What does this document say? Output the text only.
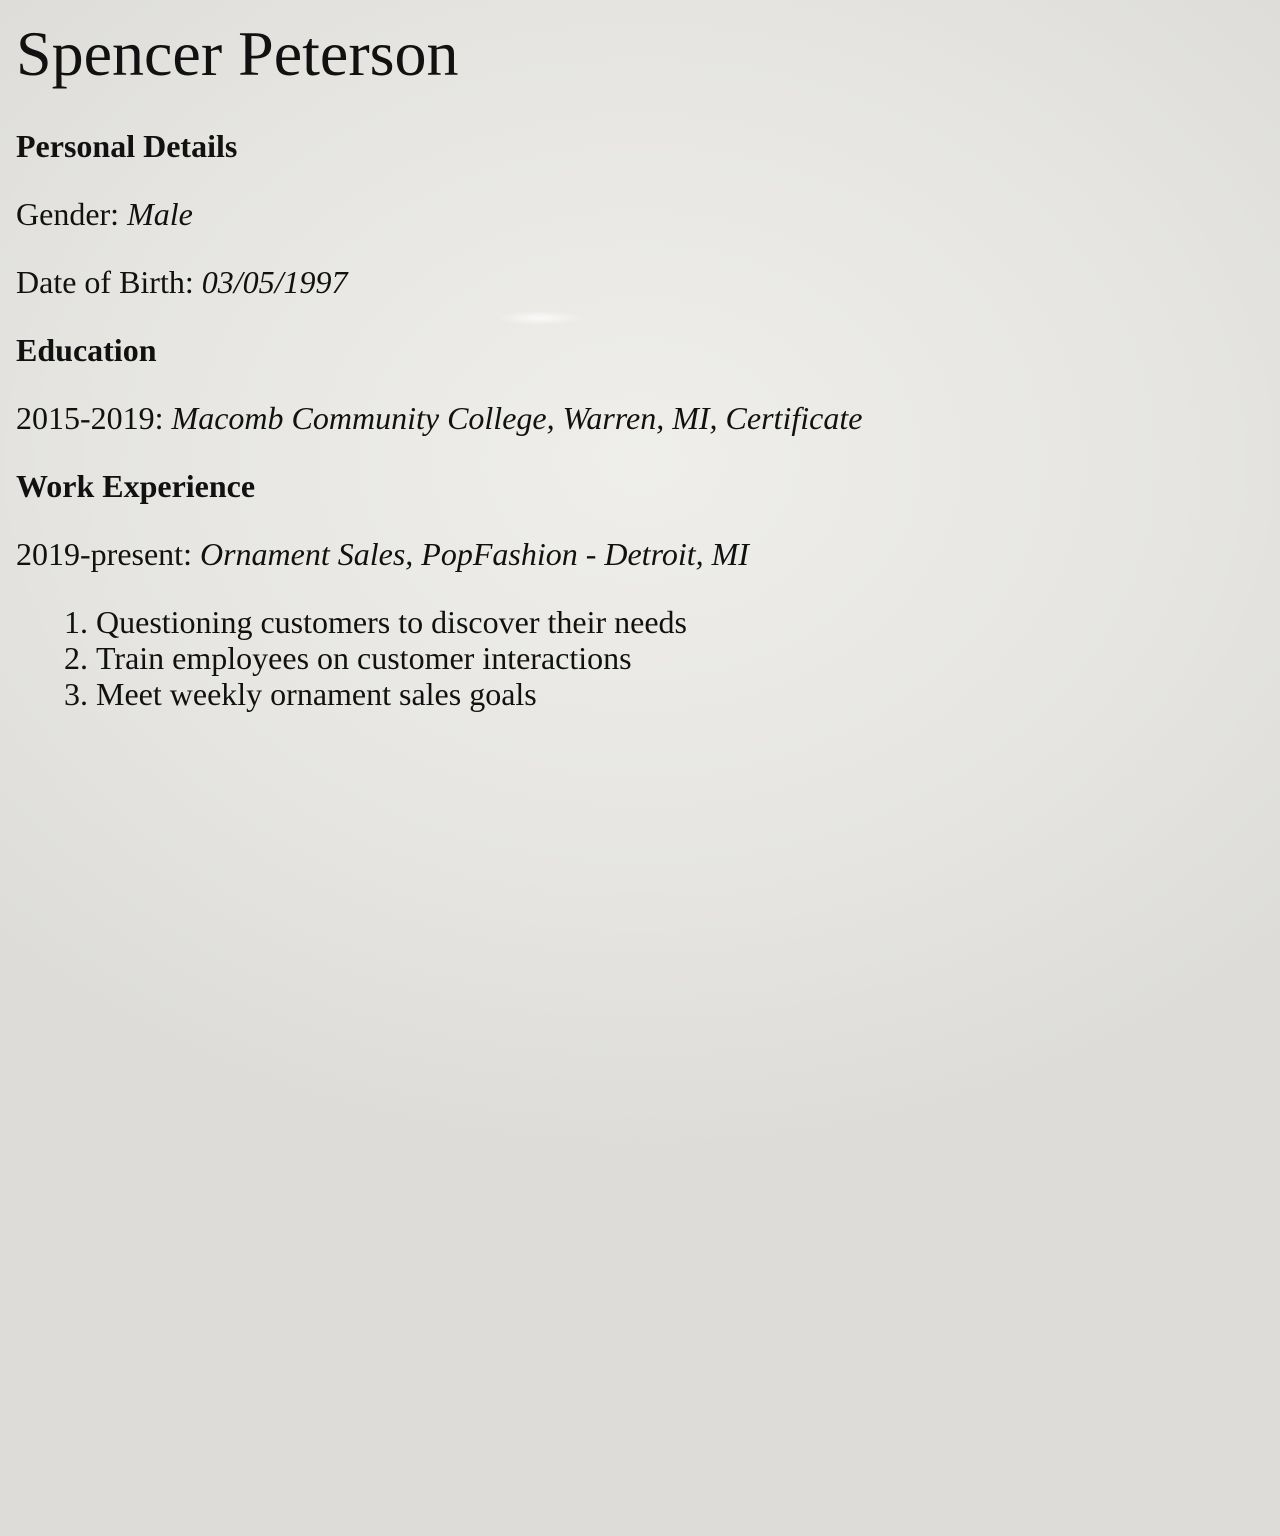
Spencer Peterson
Personal Details

Gender: Male

Date of Birth: 03/05/1997

Education

2015-2019: Macomb Community College, Warren, MI, Certificate

Work Experience

2019-present: Ornament Sales, PopFashion - Detroit, MI

1. Questioning customers to discover their needs
2. Train employees on customer interactions
3. Meet weekly ornament sales goals
